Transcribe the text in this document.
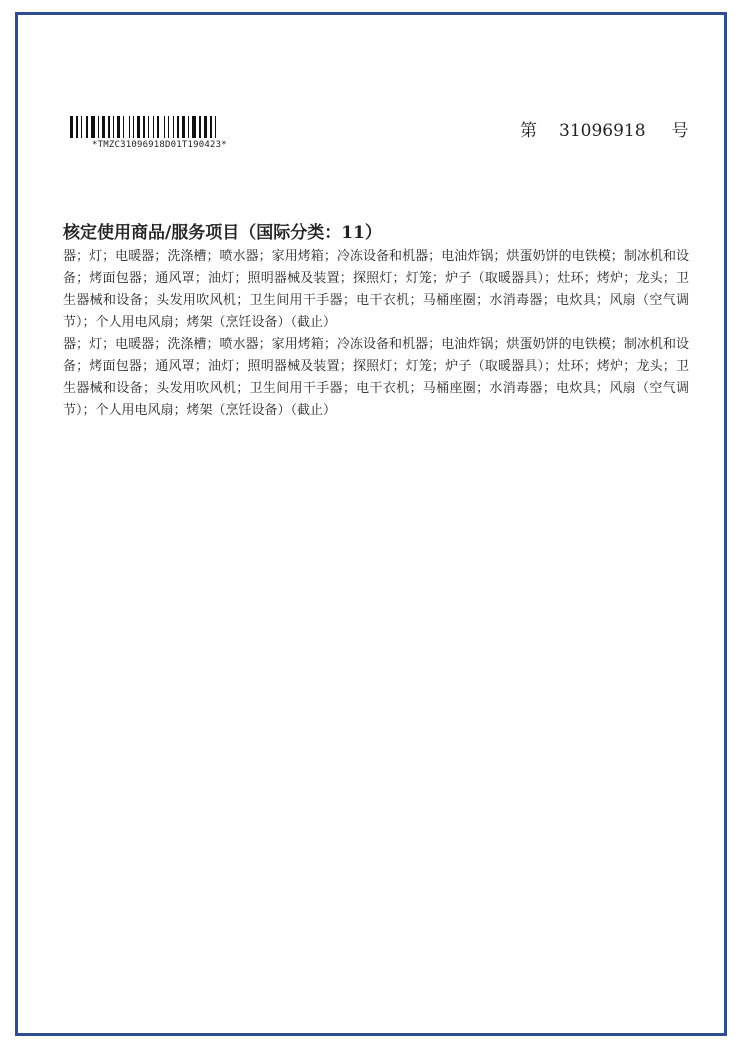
*TMZC31096918D01T190423*
第 31096918 号
核定使用商品/服务项目（国际分类：11）

器；灯；电暖器；洗涤槽；喷水器；家用烤箱；冷冻设备和机器；电油炸锅；烘蛋奶饼的电铁模；制冰机和设备；烤面包器；通风罩；油灯；照明器械及装置；探照灯；灯笼；炉子（取暖器具）；灶环；烤炉；龙头；卫生器械和设备；头发用吹风机；卫生间用干手器；电干衣机；马桶座圈；水消毒器；电炊具；风扇（空气调节）；个人用电风扇；烤架（烹饪设备）（截止）

器；灯；电暖器；洗涤槽；喷水器；家用烤箱；冷冻设备和机器；电油炸锅；烘蛋奶饼的电铁模；制冰机和设备；烤面包器；通风罩；油灯；照明器械及装置；探照灯；灯笼；炉子（取暖器具）；灶环；烤炉；龙头；卫生器械和设备；头发用吹风机；卫生间用干手器；电干衣机；马桶座圈；水消毒器；电炊具；风扇（空气调节）；个人用电风扇；烤架（烹饪设备）（截止）
